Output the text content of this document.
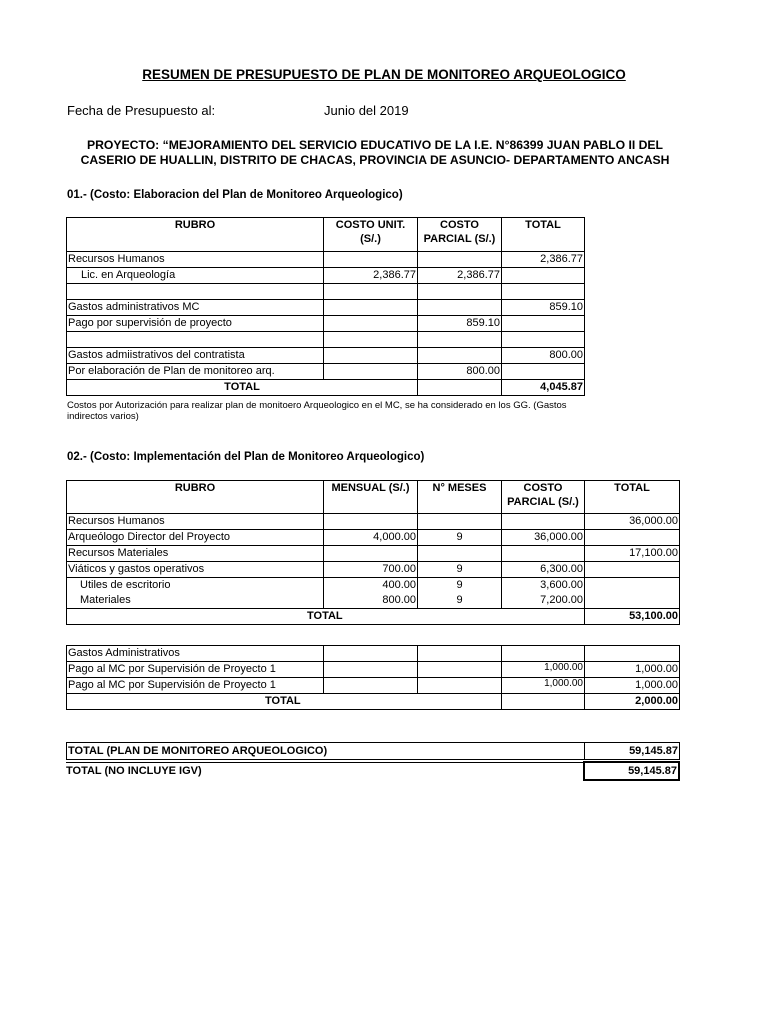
RESUMEN DE PRESUPUESTO DE PLAN DE MONITOREO ARQUEOLOGICO
Fecha de Presupuesto al:	Junio del 2019
PROYECTO: “MEJORAMIENTO DEL SERVICIO EDUCATIVO DE LA I.E. N°86399 JUAN PABLO II DEL CASERIO DE HUALLIN, DISTRITO DE CHACAS, PROVINCIA DE ASUNCIO- DEPARTAMENTO ANCASH
01.- (Costo: Elaboracion del Plan de Monitoreo Arqueologico)
RUBRO	COSTO UNIT. (S/.)	COSTO PARCIAL (S/.)	TOTAL
Recursos Humanos			2,386.77
Lic. en Arqueología	2,386.77	2,386.77	

Gastos administrativos MC			859.10
Pago por supervisión de proyecto		859.10	

Gastos admiistrativos del contratista			800.00
Por elaboración de Plan de monitoreo arq.		800.00	
TOTAL			4,045.87
Costos por Autorización para realizar plan de monitoero Arqueologico en el MC, se ha considerado en los GG. (Gastos indirectos varios)
02.- (Costo: Implementación del Plan de Monitoreo Arqueologico)
RUBRO	MENSUAL (S/.)	N° MESES	COSTO PARCIAL (S/.)	TOTAL
Recursos Humanos				36,000.00
Arqueólogo Director del Proyecto	4,000.00	9	36,000.00	
Recursos Materiales				17,100.00
Viáticos y gastos operativos	700.00	9	6,300.00	
Utiles de escritorio	400.00	9	3,600.00	
Materiales	800.00	9	7,200.00	
TOTAL				53,100.00
Gastos Administrativos				
Pago al MC por Supervisión de Proyecto 1			1,000.00	1,000.00
Pago al MC por Supervisión de Proyecto 1			1,000.00	1,000.00
TOTAL				2,000.00
TOTAL (PLAN DE MONITOREO ARQUEOLOGICO)	59,145.87
TOTAL (NO INCLUYE IGV)	59,145.87
